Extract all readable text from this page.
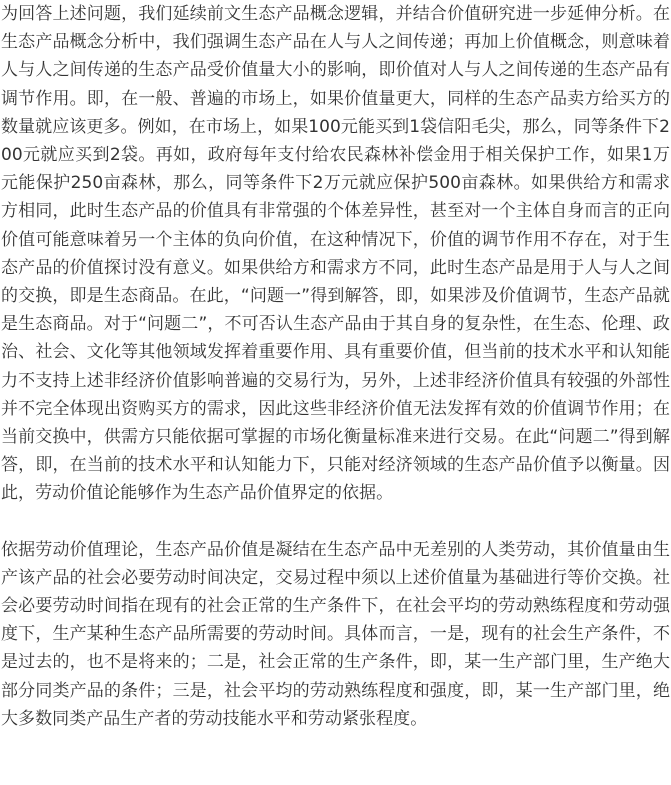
为回答上述问题，我们延续前文生态产品概念逻辑，并结合价值研究进一步延伸分析。在生态产品概念分析中，我们强调生态产品在人与人之间传递；再加上价值概念，则意味着人与人之间传递的生态产品受价值量大小的影响，即价值对人与人之间传递的生态产品有调节作用。即，在一般、普遍的市场上，如果价值量更大，同样的生态产品卖方给买方的数量就应该更多。例如，在市场上，如果100元能买到1袋信阳毛尖，那么，同等条件下200元就应买到2袋。再如，政府每年支付给农民森林补偿金用于相关保护工作，如果1万元能保护250亩森林，那么，同等条件下2万元就应保护500亩森林。如果供给方和需求方相同，此时生态产品的价值具有非常强的个体差异性，甚至对一个主体自身而言的正向价值可能意味着另一个主体的负向价值，在这种情况下，价值的调节作用不存在，对于生态产品的价值探讨没有意义。如果供给方和需求方不同，此时生态产品是用于人与人之间的交换，即是生态商品。在此，“问题一”得到解答，即，如果涉及价值调节，生态产品就是生态商品。对于“问题二”，不可否认生态产品由于其自身的复杂性，在生态、伦理、政治、社会、文化等其他领域发挥着重要作用、具有重要价值，但当前的技术水平和认知能力不支持上述非经济价值影响普遍的交易行为，另外，上述非经济价值具有较强的外部性并不完全体现出资购买方的需求，因此这些非经济价值无法发挥有效的价值调节作用；在当前交换中，供需方只能依据可掌握的市场化衡量标准来进行交易。在此“问题二”得到解答，即，在当前的技术水平和认知能力下，只能对经济领域的生态产品价值予以衡量。因此，劳动价值论能够作为生态产品价值界定的依据。

依据劳动价值理论，生态产品价值是凝结在生态产品中无差别的人类劳动，其价值量由生产该产品的社会必要劳动时间决定，交易过程中须以上述价值量为基础进行等价交换。社会必要劳动时间指在现有的社会正常的生产条件下，在社会平均的劳动熟练程度和劳动强度下，生产某种生态产品所需要的劳动时间。具体而言，一是，现有的社会生产条件，不是过去的，也不是将来的；二是，社会正常的生产条件，即，某一生产部门里，生产绝大部分同类产品的条件；三是，社会平均的劳动熟练程度和强度，即，某一生产部门里，绝大多数同类产品生产者的劳动技能水平和劳动紧张程度。
